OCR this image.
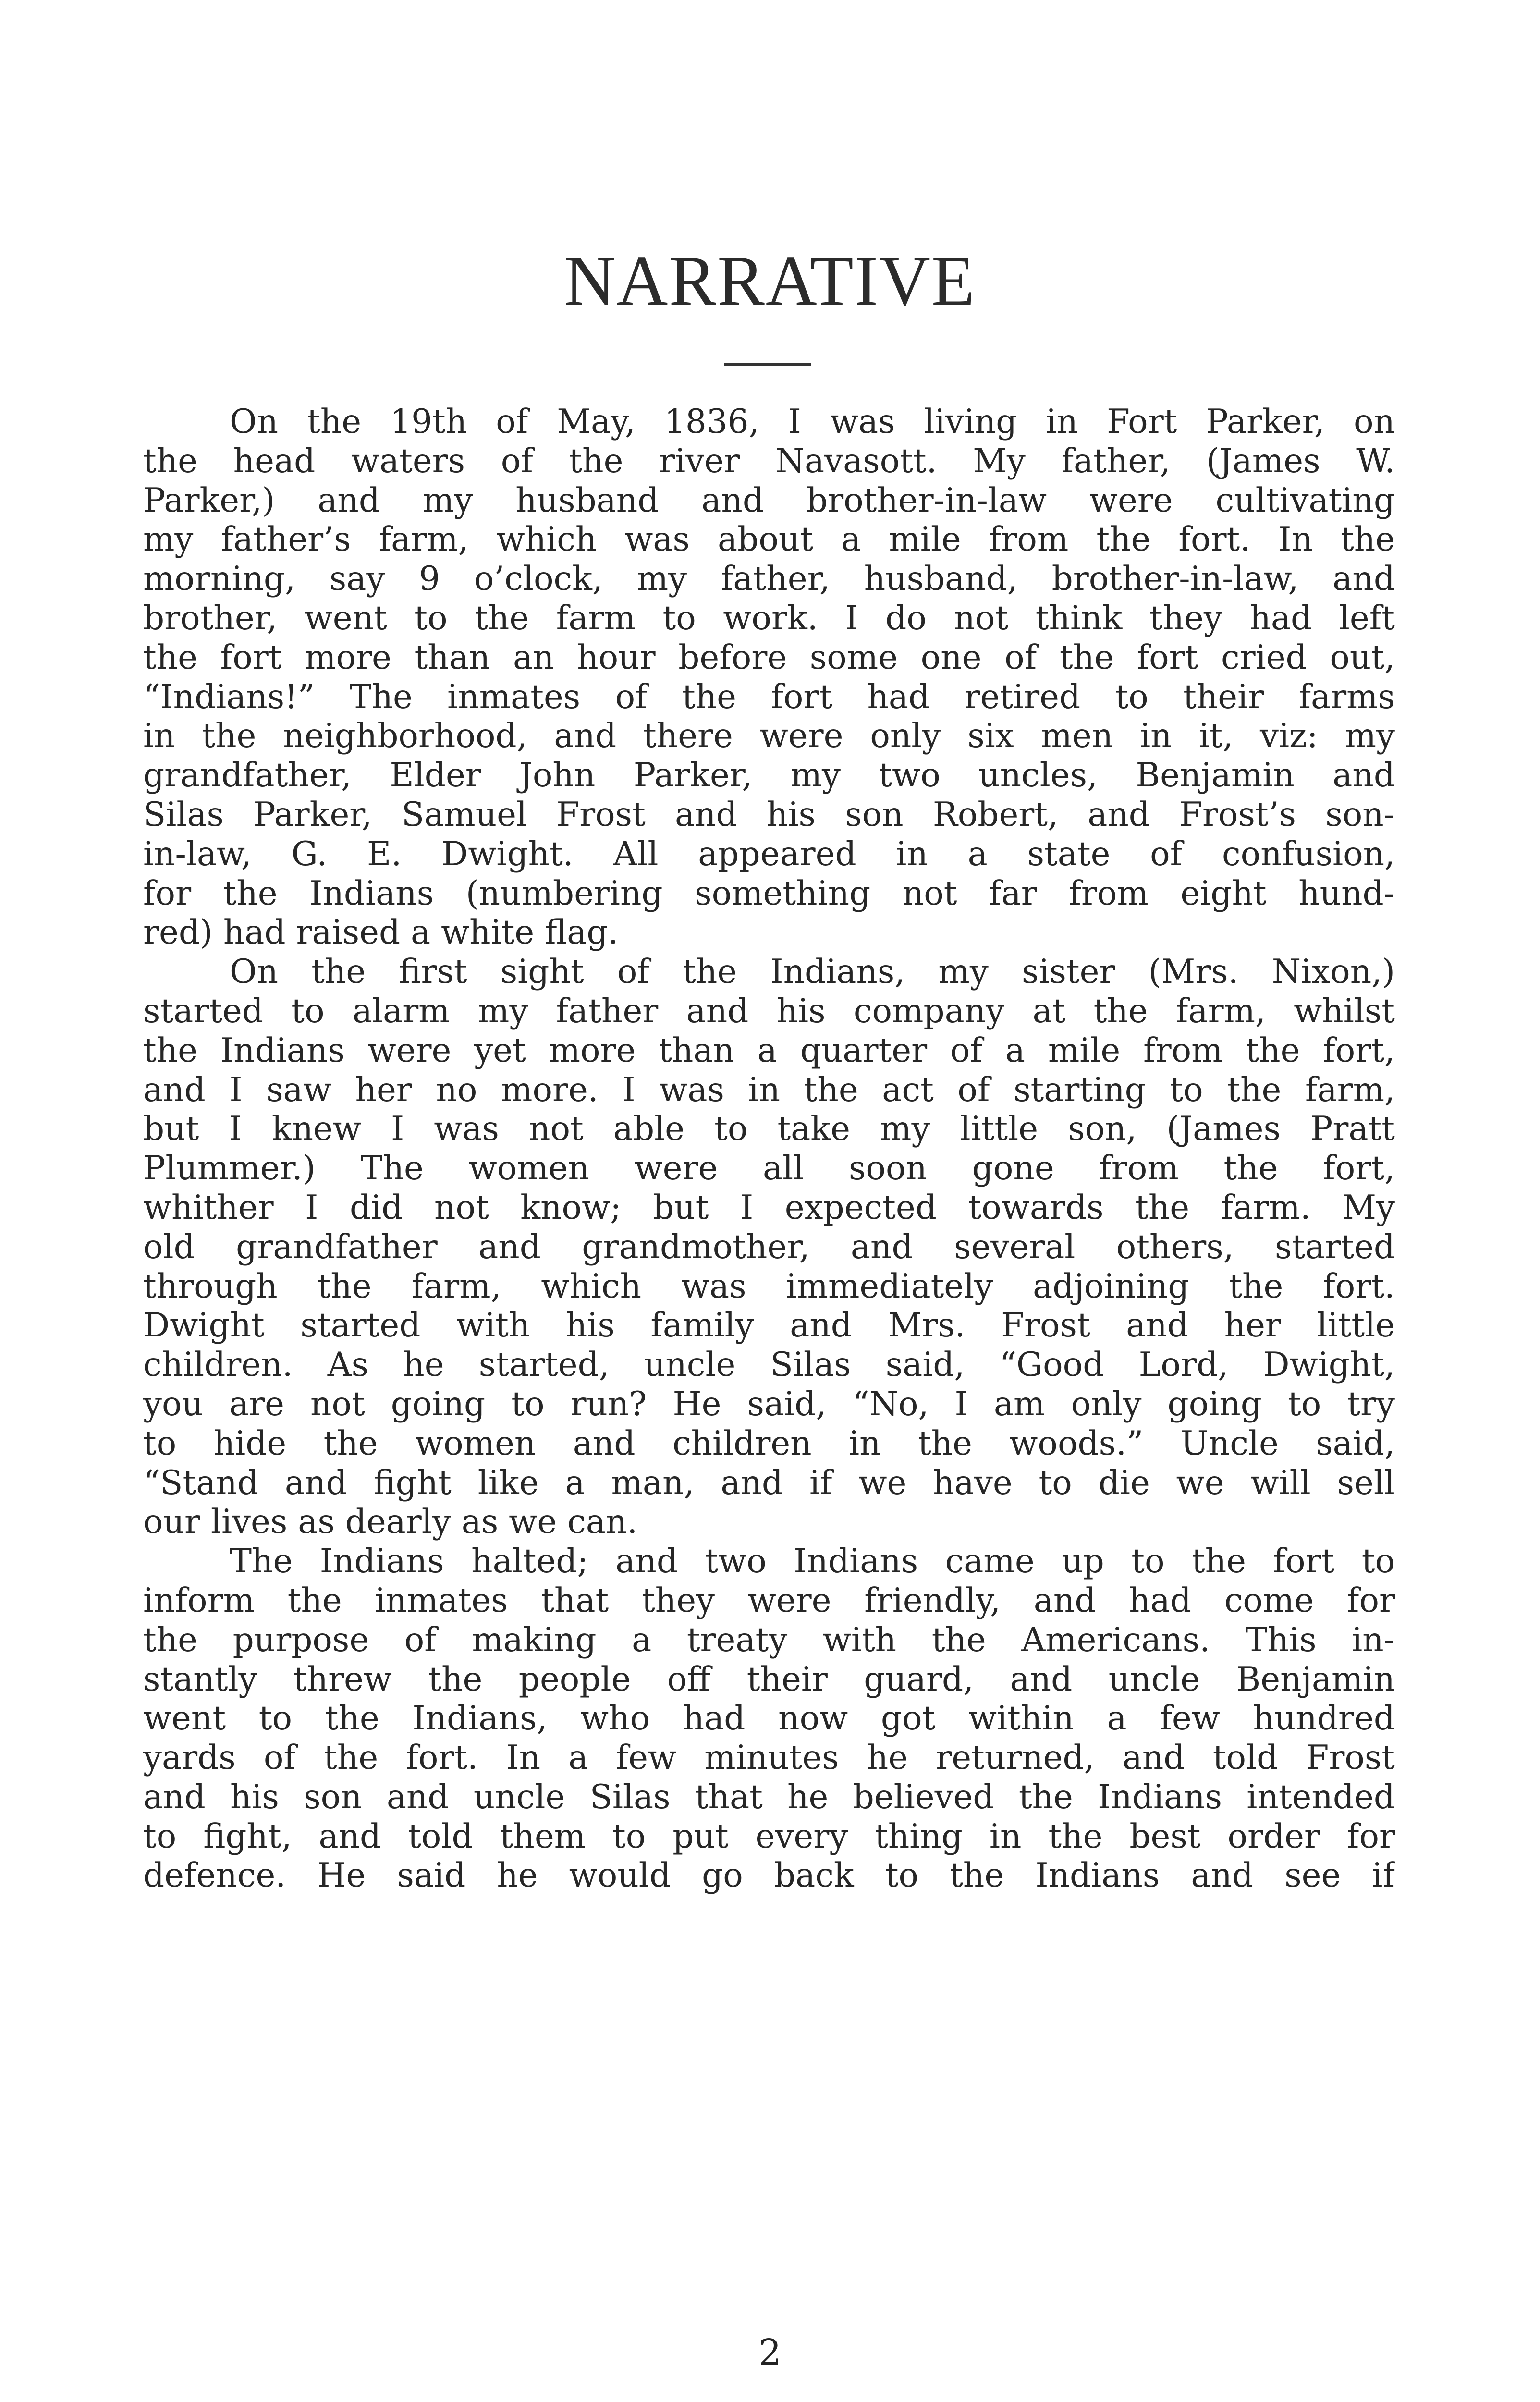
NARRATIVE
On the 19th of May, 1836, I was living in Fort Parker, on
the head waters of the river Navasott. My father, (James W.
Parker,) and my husband and brother-in-law were cultivating
my father’s farm, which was about a mile from the fort. In the
morning, say 9 o’clock, my father, husband, brother-in-law, and
brother, went to the farm to work. I do not think they had left
the fort more than an hour before some one of the fort cried out,
“Indians!” The inmates of the fort had retired to their farms
in the neighborhood, and there were only six men in it, viz: my
grandfather, Elder John Parker, my two uncles, Benjamin and
Silas Parker, Samuel Frost and his son Robert, and Frost’s son-
in-law, G. E. Dwight. All appeared in a state of confusion,
for the Indians (numbering something not far from eight hund-
red) had raised a white flag.
On the first sight of the Indians, my sister (Mrs. Nixon,)
started to alarm my father and his company at the farm, whilst
the Indians were yet more than a quarter of a mile from the fort,
and I saw her no more. I was in the act of starting to the farm,
but I knew I was not able to take my little son, (James Pratt
Plummer.) The women were all soon gone from the fort,
whither I did not know; but I expected towards the farm. My
old grandfather and grandmother, and several others, started
through the farm, which was immediately adjoining the fort.
Dwight started with his family and Mrs. Frost and her little
children. As he started, uncle Silas said, “Good Lord, Dwight,
you are not going to run? He said, “No, I am only going to try
to hide the women and children in the woods.” Uncle said,
“Stand and fight like a man, and if we have to die we will sell
our lives as dearly as we can.
The Indians halted; and two Indians came up to the fort to
inform the inmates that they were friendly, and had come for
the purpose of making a treaty with the Americans. This in-
stantly threw the people off their guard, and uncle Benjamin
went to the Indians, who had now got within a few hundred
yards of the fort. In a few minutes he returned, and told Frost
and his son and uncle Silas that he believed the Indians intended
to fight, and told them to put every thing in the best order for
defence. He said he would go back to the Indians and see if
2
